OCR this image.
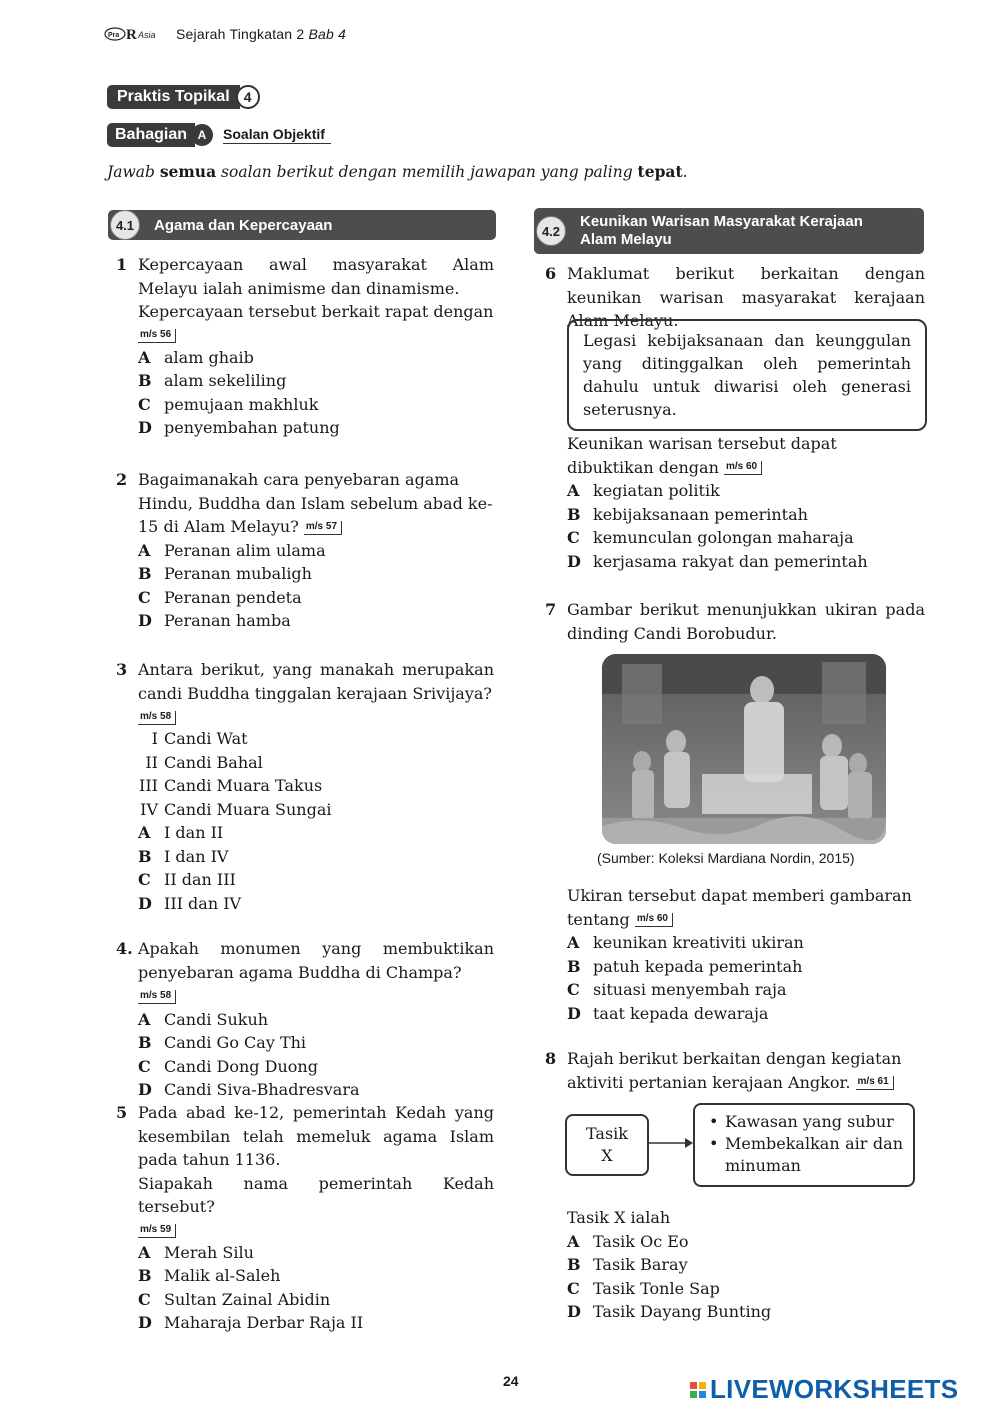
Pra R Asia Sejarah Tingkatan 2 Bab 4
Praktis Topikal	4
Bahagian A	Soalan Objektif
Jawab semua soalan berikut dengan memilih jawapan yang paling tepat.
4.1	Agama dan Kepercayaan	4.2
Keunikan Warisan Masyarakat Kerajaan
Alam Melayu
1 Kepercayaan awal masyarakat Alam Melayu ialah animisme dan dinamisme.
Kepercayaan tersebut berkait rapat dengan
m/s 56
A alam ghaib
B alam sekeliling
C pemujaan makhluk
D penyembahan patung
2 Bagaimanakah cara penyebaran agama Hindu, Buddha dan Islam sebelum abad ke-15 di Alam Melayu? m/s 57
A Peranan alim ulama
B Peranan mubaligh
C Peranan pendeta
D Peranan hamba
3 Antara berikut, yang manakah merupakan candi Buddha tinggalan kerajaan Srivijaya?
m/s 58
I Candi Wat
II Candi Bahal
III Candi Muara Takus
IV Candi Muara Sungai
A I dan II
B I dan IV
C II dan III
D III dan IV
4. Apakah monumen yang membuktikan
penyebaran agama Buddha di Champa? m/s 58
A Candi Sukuh
B Candi Go Cay Thi
C Candi Dong Duong
D Candi Siva-Bhadresvara
5 Pada abad ke-12, pemerintah Kedah yang kesembilan telah memeluk agama Islam pada tahun 1136.
Siapakah nama pemerintah Kedah tersebut?
m/s 59
A Merah Silu
B Malik al-Saleh
C Sultan Zainal Abidin
D Maharaja Derbar Raja II
6 Maklumat berikut berkaitan dengan keunikan warisan masyarakat kerajaan Alam Melayu.
Legasi kebijaksanaan dan keunggulan yang ditinggalkan oleh pemerintah dahulu untuk diwarisi oleh generasi seterusnya.
Keunikan warisan tersebut dapat dibuktikan dengan m/s 60
A kegiatan politik
B kebijaksanaan pemerintah
C kemunculan golongan maharaja
D kerjasama rakyat dan pemerintah
7 Gambar berikut menunjukkan ukiran pada dinding Candi Borobudur.
(Sumber: Koleksi Mardiana Nordin, 2015)
Ukiran tersebut dapat memberi gambaran tentang m/s 60
A keunikan kreativiti ukiran
B patuh kepada pemerintah
C situasi menyembah raja
D taat kepada dewaraja
8 Rajah berikut berkaitan dengan kegiatan aktiviti pertanian kerajaan Angkor. m/s 61
Tasik
X
• Kawasan yang subur
• Membekalkan air dan minuman
Tasik X ialah
A Tasik Oc Eo
B Tasik Baray
C Tasik Tonle Sap
D Tasik Dayang Bunting
24	LIVEWORKSHEETS
